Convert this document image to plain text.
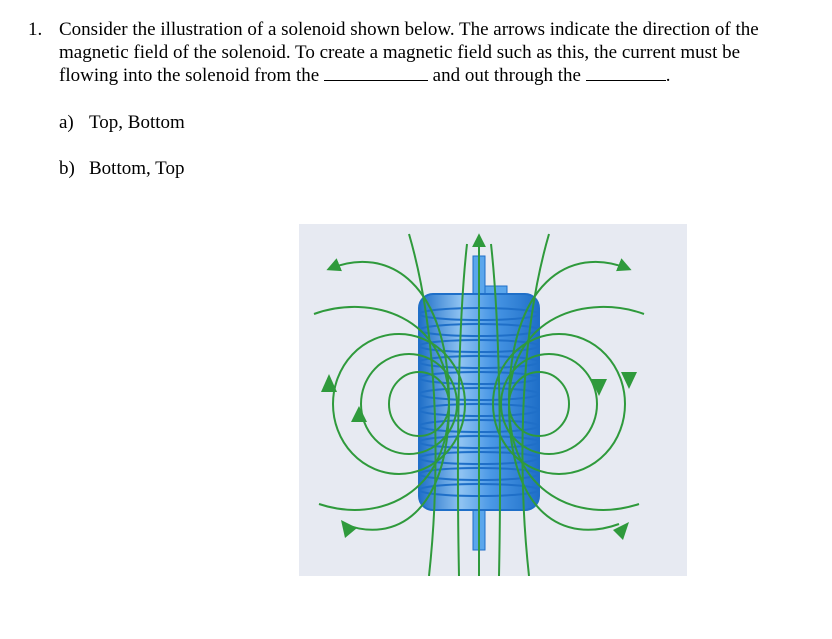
1. Consider the illustration of a solenoid shown below. The arrows indicate the direction of the magnetic field of the solenoid. To create a magnetic field such as this, the current must be flowing into the solenoid from the	and out through the	.
a) Top, Bottom
b) Bottom, Top
